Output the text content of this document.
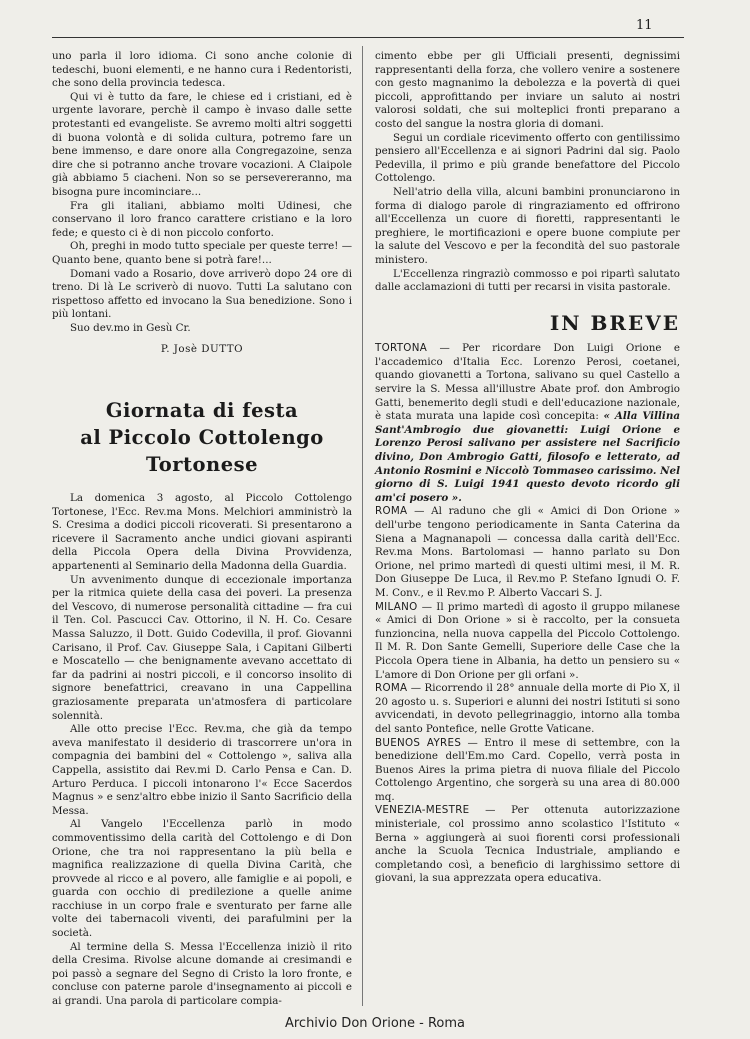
11

uno parla il loro idioma. Ci sono anche colonie di tedeschi, buoni elementi, e ne hanno cura i Redentoristi, che sono della provincia tedesca.

Qui vi è tutto da fare, le chiese ed i cristiani, ed è urgente lavorare, perchè il campo è invaso dalle sette protestanti ed evangeliste. Se avremo molti altri soggetti di buona volontà e di solida cultura, potremo fare un bene immenso, e dare onore alla Congregazoine, senza dire che si potranno anche trovare vocazioni. A Claipole già abbiamo 5 ciacheni. Non so se persevereranno, ma bisogna pure incominciare...

Fra gli italiani, abbiamo molti Udinesi, che conservano il loro franco carattere cristiano e la loro fede; e questo ci è di non piccolo conforto.

Oh, preghi in modo tutto speciale per queste terre! — Quanto bene, quanto bene si potrà fare!...

Domani vado a Rosario, dove arriverò dopo 24 ore di treno. Di là Le scriverò di nuovo. Tutti La salutano con rispettoso affetto ed invocano la Sua benedizione. Sono i più lontani.

Suo dev.mo in Gesù Cr.

P. Josè DUTTO

Giornata di festa
al Piccolo Cottolengo Tortonese

La domenica 3 agosto, al Piccolo Cottolengo Tortonese, l'Ecc. Rev.ma Mons. Melchiori amministrò la S. Cresima a dodici piccoli ricoverati. Si presentarono a ricevere il Sacramento anche undici giovani aspiranti della Piccola Opera della Divina Provvidenza, appartenenti al Seminario della Madonna della Guardia.

Un avvenimento dunque di eccezionale importanza per la ritmica quiete della casa dei poveri. La presenza del Vescovo, di numerose personalità cittadine — fra cui il Ten. Col. Pascucci Cav. Ottorino, il N. H. Co. Cesare Massa Saluzzo, il Dott. Guido Codevilla, il prof. Giovanni Carisano, il Prof. Cav. Giuseppe Sala, i Capitani Gilberti e Moscatello — che benignamente avevano accettato di far da padrini ai nostri piccoli, e il concorso insolito di signore benefattrici, creavano in una Cappellina graziosamente preparata un'atmosfera di particolare solennità.

Alle otto precise l'Ecc. Rev.ma, che già da tempo aveva manifestato il desiderio di trascorrere un'ora in compagnia dei bambini del « Cottolengo », saliva alla Cappella, assistito dai Rev.mi D. Carlo Pensa e Can. D. Arturo Perduca. I piccoli intonarono l'« Ecce Sacerdos Magnus » e senz'altro ebbe inizio il Santo Sacrificio della Messa.

Al Vangelo l'Eccellenza parlò in modo commoventissimo della carità del Cottolengo e di Don Orione, che tra noi rappresentano la più bella e magnifica realizzazione di quella Divina Carità, che provvede al ricco e al povero, alle famiglie e ai popoli, e guarda con occhio di predilezione a quelle anime racchiuse in un corpo frale e sventurato per farne alle volte dei tabernacoli viventi, dei parafulmini per la società.

Al termine della S. Messa l'Eccellenza iniziò il rito della Cresima. Rivolse alcune domande ai cresimandi e poi passò a segnare del Segno di Cristo la loro fronte, e concluse con paterne parole d'insegnamento ai piccoli e ai grandi. Una parola di particolare compia-

cimento ebbe per gli Ufficiali presenti, degnissimi rappresentanti della forza, che vollero venire a sostenere con gesto magnanimo la debolezza e la povertà di quei piccoli, approfittando per inviare un saluto ai nostri valorosi soldati, che sui molteplici fronti preparano a costo del sangue la nostra gloria di domani.

Segui un cordiale ricevimento offerto con gentilissimo pensiero all'Eccellenza e ai signori Padrini dal sig. Paolo Pedevilla, il primo e più grande benefattore del Piccolo Cottolengo.

Nell'atrio della villa, alcuni bambini pronunciarono in forma di dialogo parole di ringraziamento ed offrirono all'Eccellenza un cuore di fioretti, rappresentanti le preghiere, le mortificazioni e opere buone compiute per la salute del Vescovo e per la fecondità del suo pastorale ministero.

L'Eccellenza ringraziò commosso e poi ripartì salutato dalle acclamazioni di tutti per recarsi in visita pastorale.

IN BREVE

TORTONA — Per ricordare Don Luigi Orione e l'accademico d'Italia Ecc. Lorenzo Perosi, coetanei, quando giovanetti a Tortona, salivano su quel Castello a servire la S. Messa all'illustre Abate prof. don Ambrogio Gatti, benemerito degli studi e dell'educazione nazionale, è stata murata una lapide così concepita: « Alla Villina Sant'Ambrogio due giovanetti: Luigi Orione e Lorenzo Perosi salivano per assistere nel Sacrificio divino, Don Ambrogio Gatti, filosofo e letterato, ad Antonio Rosmini e Niccolò Tommaseo carissimo. Nel giorno di S. Luigi 1941 questo devoto ricordo gli am'ci posero ».

ROMA — Al raduno che gli « Amici di Don Orione » dell'urbe tengono periodicamente in Santa Caterina da Siena a Magnanapoli — concessa dalla carità dell'Ecc. Rev.ma Mons. Bartolomasi — hanno parlato su Don Orione, nel primo martedì di questi ultimi mesi, il M. R. Don Giuseppe De Luca, il Rev.mo P. Stefano Ignudi O. F. M. Conv., e il Rev.mo P. Alberto Vaccari S. J.

MILANO — Il primo martedì di agosto il gruppo milanese « Amici di Don Orione » si è raccolto, per la consueta funzioncina, nella nuova cappella del Piccolo Cottolengo. Il M. R. Don Sante Gemelli, Superiore delle Case che la Piccola Opera tiene in Albania, ha detto un pensiero su « L'amore di Don Orione per gli orfani ».

ROMA — Ricorrendo il 28° annuale della morte di Pio X, il 20 agosto u. s. Superiori e alunni dei nostri Istituti si sono avvicendati, in devoto pellegrinaggio, intorno alla tomba del santo Pontefice, nelle Grotte Vaticane.

BUENOS AYRES — Entro il mese di settembre, con la benedizione dell'Em.mo Card. Copello, verrà posta in Buenos Aires la prima pietra di nuova filiale del Piccolo Cottolengo Argentino, che sorgerà su una area di 80.000 mq.

VENEZIA-MESTRE — Per ottenuta autorizzazione ministeriale, col prossimo anno scolastico l'Istituto « Berna » aggiungerà ai suoi fiorenti corsi professionali anche la Scuola Tecnica Industriale, ampliando e completando così, a beneficio di larghissimo settore di giovani, la sua apprezzata opera educativa.

Archivio Don Orione - Roma
